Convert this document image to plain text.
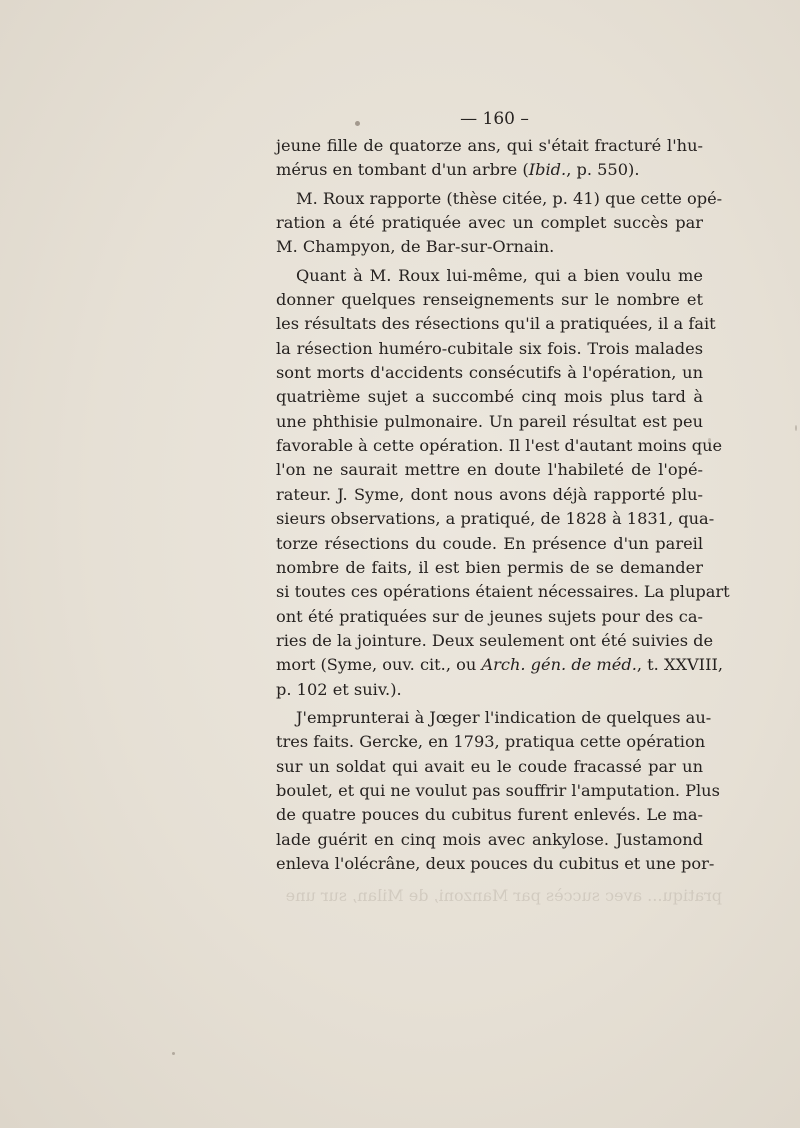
— 160 –
jeune fille de quatorze ans, qui s'était fracturé l'hu-
mérus en tombant d'un arbre (Ibid., p. 550).
M. Roux rapporte (thèse citée, p. 41) que cette opé-
ration a été pratiquée avec un complet succès par
M. Champyon, de Bar-sur-Ornain.
Quant à M. Roux lui-même, qui a bien voulu me
donner quelques renseignements sur le nombre et
les résultats des résections qu'il a pratiquées, il a fait
la résection huméro-cubitale six fois. Trois malades
sont morts d'accidents consécutifs à l'opération, un
quatrième sujet a succombé cinq mois plus tard à
une phthisie pulmonaire. Un pareil résultat est peu
favorable à cette opération. Il l'est d'autant moins que
l'on ne saurait mettre en doute l'habileté de l'opé-
rateur. J. Syme, dont nous avons déjà rapporté plu-
sieurs observations, a pratiqué, de 1828 à 1831, qua-
torze résections du coude. En présence d'un pareil
nombre de faits, il est bien permis de se demander
si toutes ces opérations étaient nécessaires. La plupart
ont été pratiquées sur de jeunes sujets pour des ca-
ries de la jointure. Deux seulement ont été suivies de
mort (Syme, ouv. cit., ou Arch. gén. de méd., t. XXVIII,
p. 102 et suiv.).
J'emprunterai à Jœger l'indication de quelques au-
tres faits. Gercke, en 1793, pratiqua cette opération
sur un soldat qui avait eu le coude fracassé par un
boulet, et qui ne voulut pas souffrir l'amputation. Plus
de quatre pouces du cubitus furent enlevés. Le ma-
lade guérit en cinq mois avec ankylose. Justamond
enleva l'olécrâne, deux pouces du cubitus et une por-
pratiqu... avec succès par Manzoni, de Milan, sur une
